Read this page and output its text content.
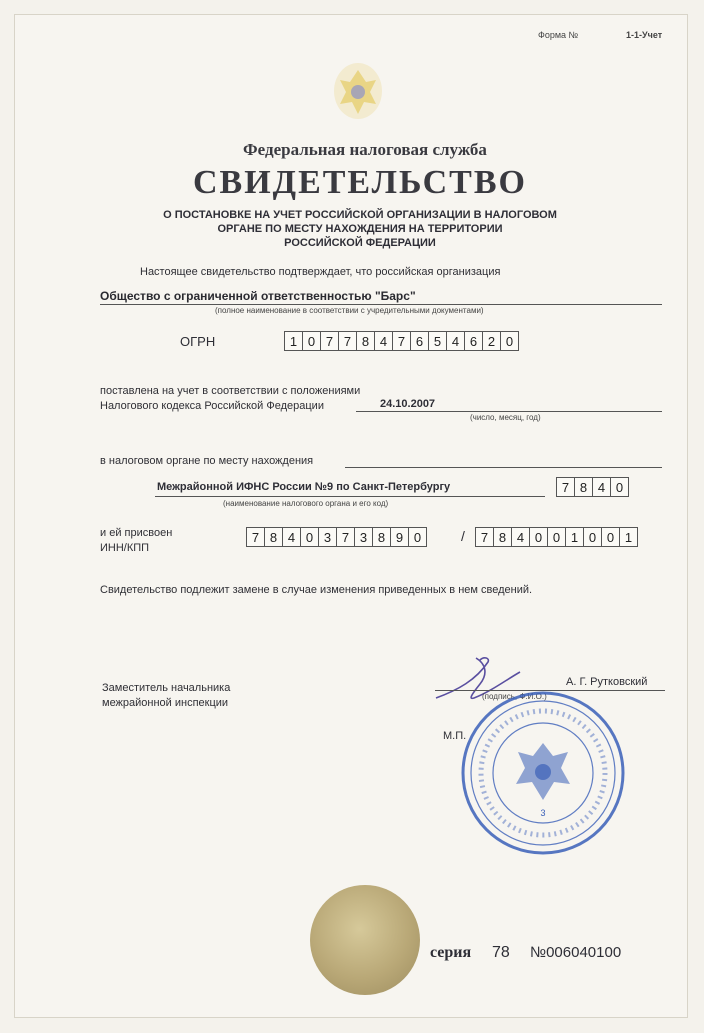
Форма №	1-1-Учет
Федеральная налоговая служба
СВИДЕТЕЛЬСТВО
О ПОСТАНОВКЕ НА УЧЕТ РОССИЙСКОЙ ОРГАНИЗАЦИИ В НАЛОГОВОМ
ОРГАНЕ ПО МЕСТУ НАХОЖДЕНИЯ НА ТЕРРИТОРИИ
РОССИЙСКОЙ ФЕДЕРАЦИИ
Настоящее свидетельство подтверждает, что российская организация
Общество с ограниченной ответственностью "Барс"
(полное наименование в соответствии с учредительными документами)
ОГРН	1 0 7 7 8 4 7 6 5 4 6 2 0
поставлена на учет в соответствии с положениями
Налогового кодекса Российской Федерации	24.10.2007
(число, месяц, год)
в налоговом органе по месту нахождения
Межрайонной ИФНС России №9 по Санкт-Петербургу	7 8 4 0
(наименование налогового органа и его код)
и ей присвоен
ИНН/КПП
7 8 4 0 3 7 3 8 9 0	/	7 8 4 0 0 1 0 0 1
Свидетельство подлежит замене в случае изменения приведенных в нем сведений.
Заместитель начальника
межрайонной инспекции
А. Г. Рутковский
(подпись, Ф.И.О.)
М.П.
3
серия 78 №006040100
